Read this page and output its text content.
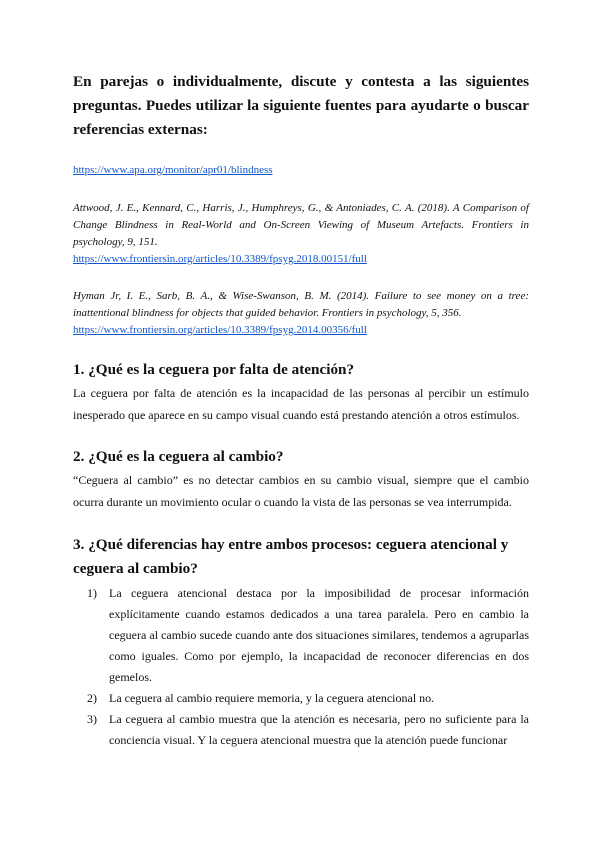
En parejas o individualmente, discute y contesta a las siguientes preguntas. Puedes utilizar la siguiente fuentes para ayudarte o buscar referencias externas:

https://www.apa.org/monitor/apr01/blindness

Attwood, J. E., Kennard, C., Harris, J., Humphreys, G., & Antoniades, C. A. (2018). A Comparison of Change Blindness in Real-World and On-Screen Viewing of Museum Artefacts. Frontiers in psychology, 9, 151.
https://www.frontiersin.org/articles/10.3389/fpsyg.2018.00151/full

Hyman Jr, I. E., Sarb, B. A., & Wise-Swanson, B. M. (2014). Failure to see money on a tree: inattentional blindness for objects that guided behavior. Frontiers in psychology, 5, 356.
https://www.frontiersin.org/articles/10.3389/fpsyg.2014.00356/full

1. ¿Qué es la ceguera por falta de atención?

La ceguera por falta de atención es la incapacidad de las personas al percibir un estímulo inesperado que aparece en su campo visual cuando está prestando atención a otros estímulos.

2. ¿Qué es la ceguera al cambio?

“Ceguera al cambio” es no detectar cambios en su cambio visual, siempre que el cambio ocurra durante un movimiento ocular o cuando la vista de las personas se vea interrumpida.

3. ¿Qué diferencias hay entre ambos procesos: ceguera atencional y ceguera al cambio?
1) La ceguera atencional destaca por la imposibilidad de procesar información explícitamente cuando estamos dedicados a una tarea paralela. Pero en cambio la ceguera al cambio sucede cuando ante dos situaciones similares, tendemos a agruparlas como iguales. Como por ejemplo, la incapacidad de reconocer diferencias en dos gemelos.
2) La ceguera al cambio requiere memoria, y la ceguera atencional no.
3) La ceguera al cambio muestra que la atención es necesaria, pero no suficiente para la conciencia visual. Y la ceguera atencional muestra que la atención puede funcionar
